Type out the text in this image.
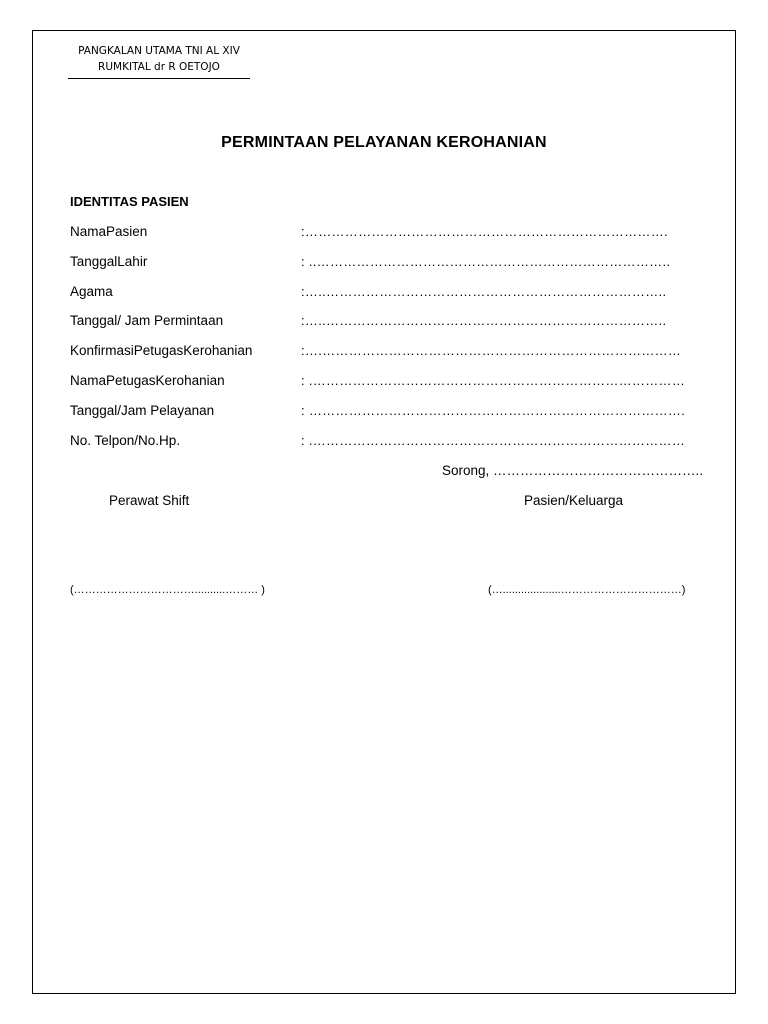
PANGKALAN UTAMA TNI AL XIV
RUMKITAL dr R OETOJO
PERMINTAAN PELAYANAN KEROHANIAN
IDENTITAS PASIEN
NamaPasien	:……………………………………………………………………….
TanggalLahir	: ..……………………………………………………………………..
Agama	:…..…………………………………………………………………..
Tanggal/ Jam Permintaan	:…..…………………………………………………………………..
KonfirmasiPetugasKerohanian	:….………………………………………………………………………
NamaPetugasKerohanian	: .…………………………………………………………………………
Tanggal/Jam Pelayanan	: ………………………………………………………………………….
No. Telpon/No.Hp.	: .…………………………………………………………………………
Sorong, ………………………………………..
Perawat Shift	Pasien/Keluarga
(……………………………..........……… )	(…...................……………………………)
